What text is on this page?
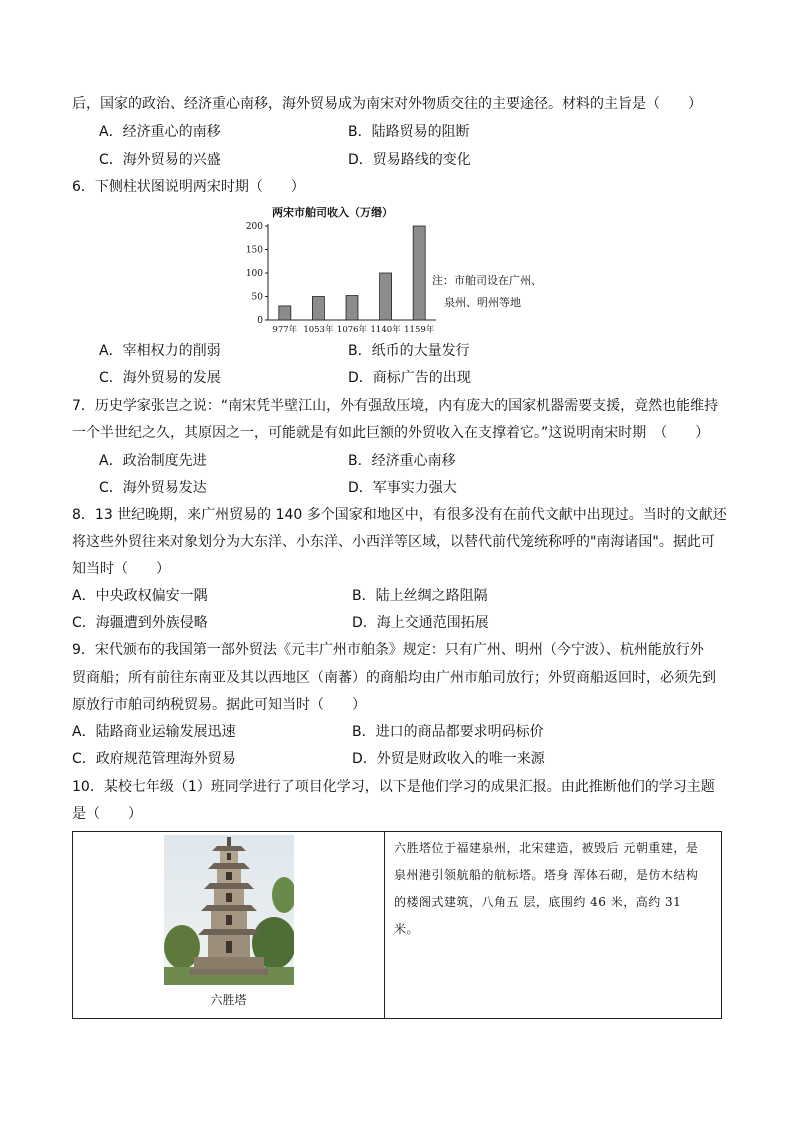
后，国家的政治、经济重心南移，海外贸易成为南宋对外物质交往的主要途径。材料的主旨是（　　）
A．经济重心的南移	B．陆路贸易的阻断
C．海外贸易的兴盛	D．贸易路线的变化
6．下侧柱状图说明两宋时期（　　）
两宋市舶司收入（万缗）
0
50
100
150
200
977年 1053年 1076年 1140年 1159年
注：市舶司设在广州、
泉州、明州等地
A．宰相权力的削弱	B．纸币的大量发行
C．海外贸易的发展	D．商标广告的出现
7．历史学家张岂之说：“南宋凭半壁江山，外有强敌压境，内有庞大的国家机器需要支援，竟然也能维持
一个半世纪之久，其原因之一，可能就是有如此巨额的外贸收入在支撑着它。”这说明南宋时期　（　　）
A．政治制度先进	B．经济重心南移
C．海外贸易发达	D．军事实力强大
8．13 世纪晚期，来广州贸易的 140 多个国家和地区中，有很多没有在前代文献中出现过。当时的文献还
将这些外贸往来对象划分为大东洋、小东洋、小西洋等区域，以替代前代笼统称呼的"南海诸国"。据此可
知当时（　　）
A．中央政权偏安一隅	B．陆上丝绸之路阻隔
C．海疆遭到外族侵略	D．海上交通范围拓展
9．宋代颁布的我国第一部外贸法《元丰广州市舶条》规定：只有广州、明州（今宁波）、杭州能放行外
贸商船；所有前往东南亚及其以西地区（南蕃）的商船均由广州市舶司放行；外贸商船返回时，必须先到
原放行市舶司纳税贸易。据此可知当时（　　）
A．陆路商业运输发展迅速	B．进口的商品都要求明码标价
C．政府规范管理海外贸易	D．外贸是财政收入的唯一来源
10．某校七年级（1）班同学进行了项目化学习，以下是他们学习的成果汇报。由此推断他们的学习主题
是（　　）
六胜塔

六胜塔位于福建泉州，北宋建造，被毁后 元朝重建，是泉州港引领航船的航标塔。塔身 浑体石砌，是仿木结构的楼阁式建筑，八角五 层，底围约 46 米，高约 31 米。
